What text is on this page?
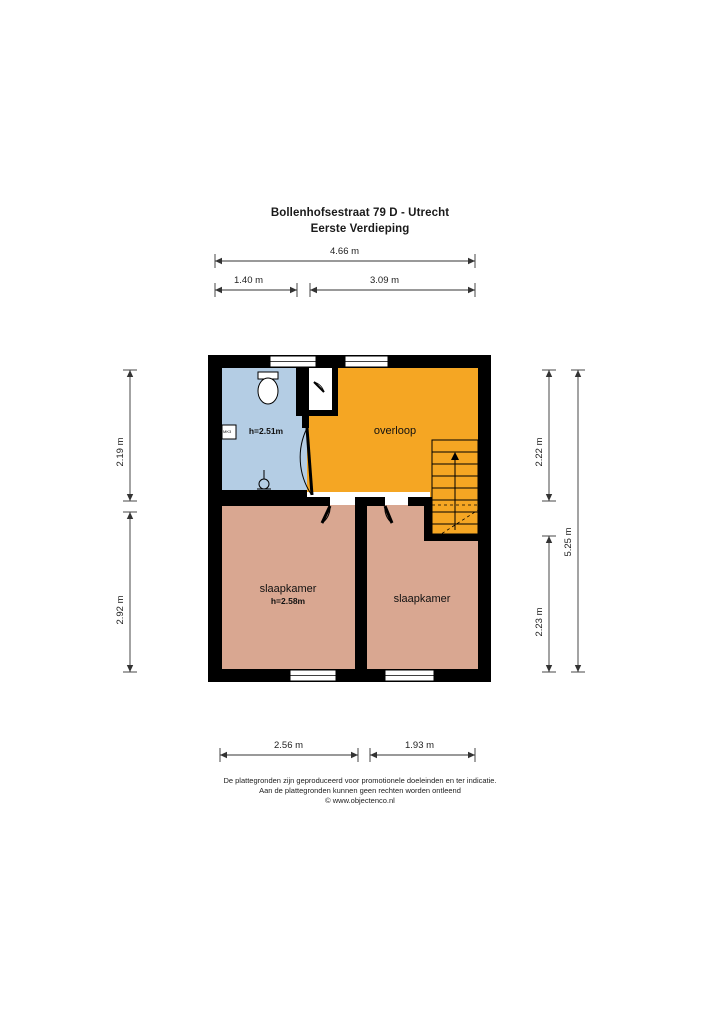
Bollenhofsestraat 79 D - Utrecht
Eerste Verdieping
4.66 m
1.40 m	3.09 m
2.19 m
2.92 m
2.22 m
2.23 m
5.25 m
2.56 m	1.93 m
overloop
slaapkamer
h=2.58m	slaapkamer
h=2.51m
MK3
De plattegronden zijn geproduceerd voor promotionele doeleinden en ter indicatie.
Aan de plattegronden kunnen geen rechten worden ontleend
© www.objectenco.nl
